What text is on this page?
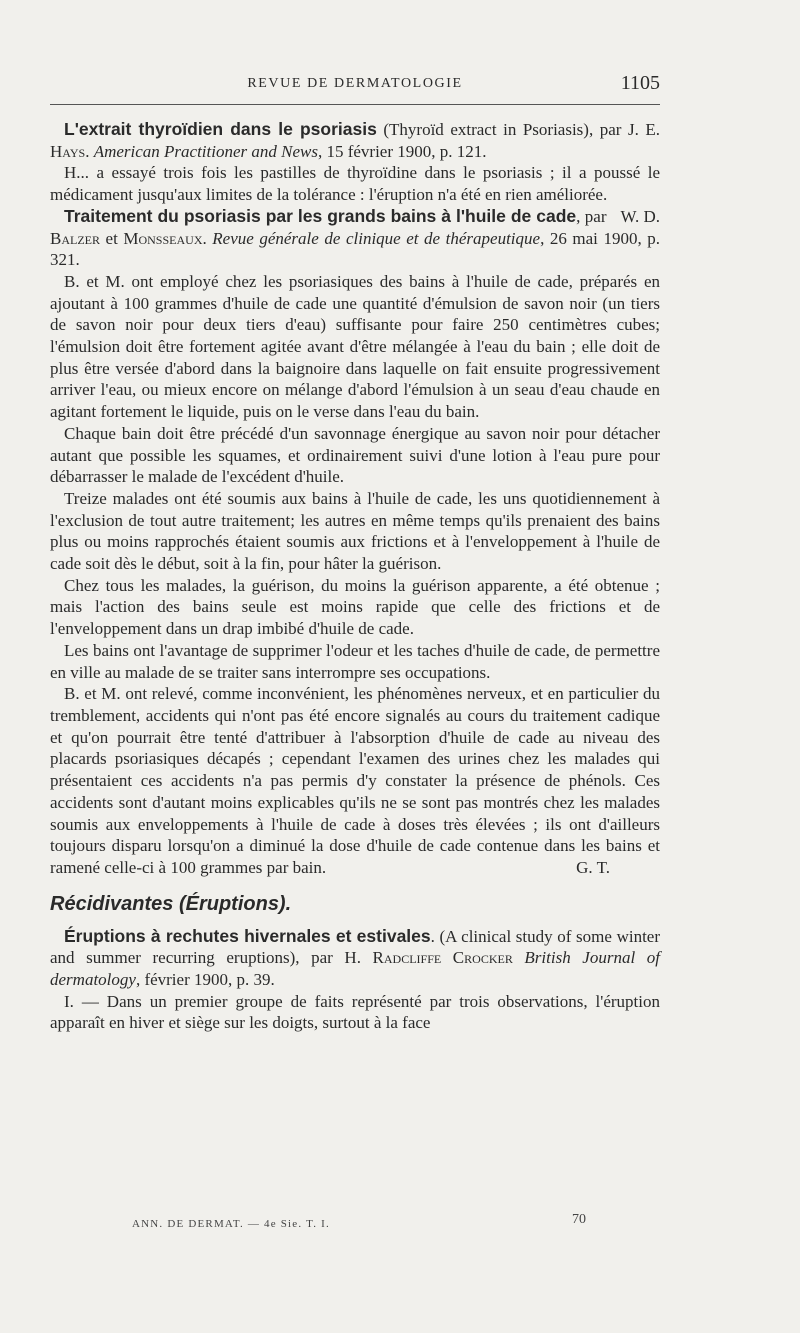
REVUE DE DERMATOLOGIE	1105

L'extrait thyroïdien dans le psoriasis (Thyroïd extract in Psoriasis), par J. E. Hays. American Practitioner and News, 15 février 1900, p. 121.

H... a essayé trois fois les pastilles de thyroïdine dans le psoriasis ; il a poussé le médicament jusqu'aux limites de la tolérance : l'éruption n'a été en rien améliorée.
W. D.

Traitement du psoriasis par les grands bains à l'huile de cade, par Balzer et Monsseaux. Revue générale de clinique et de thérapeutique, 26 mai 1900, p. 321.

B. et M. ont employé chez les psoriasiques des bains à l'huile de cade, préparés en ajoutant à 100 grammes d'huile de cade une quantité d'émulsion de savon noir (un tiers de savon noir pour deux tiers d'eau) suffisante pour faire 250 centimètres cubes; l'émulsion doit être fortement agitée avant d'être mélangée à l'eau du bain ; elle doit de plus être versée d'abord dans la baignoire dans laquelle on fait ensuite progressivement arriver l'eau, ou mieux encore on mélange d'abord l'émulsion à un seau d'eau chaude en agitant fortement le liquide, puis on le verse dans l'eau du bain.

Chaque bain doit être précédé d'un savonnage énergique au savon noir pour détacher autant que possible les squames, et ordinairement suivi d'une lotion à l'eau pure pour débarrasser le malade de l'excédent d'huile.

Treize malades ont été soumis aux bains à l'huile de cade, les uns quotidiennement à l'exclusion de tout autre traitement; les autres en même temps qu'ils prenaient des bains plus ou moins rapprochés étaient soumis aux frictions et à l'enveloppement à l'huile de cade soit dès le début, soit à la fin, pour hâter la guérison.

Chez tous les malades, la guérison, du moins la guérison apparente, a été obtenue ; mais l'action des bains seule est moins rapide que celle des frictions et de l'enveloppement dans un drap imbibé d'huile de cade.

Les bains ont l'avantage de supprimer l'odeur et les taches d'huile de cade, de permettre en ville au malade de se traiter sans interrompre ses occupations.

B. et M. ont relevé, comme inconvénient, les phénomènes nerveux, et en particulier du tremblement, accidents qui n'ont pas été encore signalés au cours du traitement cadique et qu'on pourrait être tenté d'attribuer à l'absorption d'huile de cade au niveau des placards psoriasiques décapés ; cependant l'examen des urines chez les malades qui présentaient ces accidents n'a pas permis d'y constater la présence de phénols. Ces accidents sont d'autant moins explicables qu'ils ne se sont pas montrés chez les malades soumis aux enveloppements à l'huile de cade à doses très élevées ; ils ont d'ailleurs toujours disparu lorsqu'on a diminué la dose d'huile de cade contenue dans les bains et ramené celle-ci à 100 grammes par bain.	G. T.

Récidivantes (Éruptions).

Éruptions à rechutes hivernales et estivales. (A clinical study of some winter and summer recurring eruptions), par H. Radcliffe Crocker British Journal of dermatology, février 1900, p. 39.

I. — Dans un premier groupe de faits représenté par trois observations, l'éruption apparaît en hiver et siège sur les doigts, surtout à la face

ANN. DE DERMAT. — 4e Sie. T. I.	70
